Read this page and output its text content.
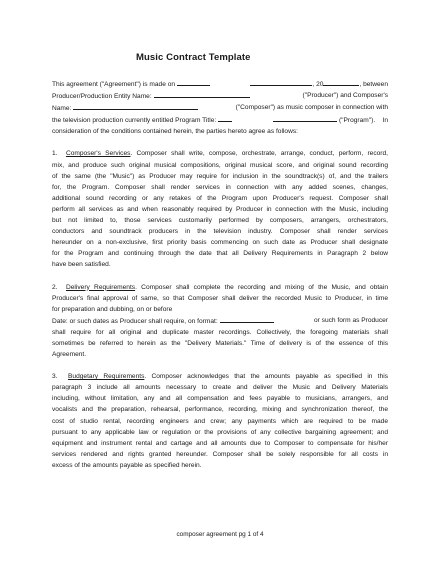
Music Contract Template

This agreement ("Agreement") is made on	, 20	, between
Producer/Production Entity Name:	("Producer") and Composer's
Name:	("Composer") as music composer in connection with
the television production currently entitled Program Title:	("Program"). In
consideration of the conditions contained herein, the parties hereto agree as follows:

1. Composer's Services. Composer shall write, compose, orchestrate, arrange, conduct, perform, record,
mix, and produce such original musical compositions, original musical score, and original sound recording
of the same (the "Music") as Producer may require for inclusion in the soundtrack(s) of, and the trailers
for, the Program. Composer shall render services in connection with any added scenes, changes,
additional sound recording or any retakes of the Program upon Producer's request. Composer shall
perform all services as and when reasonably required by Producer in connection with the Music, including
but not limited to, those services customarily performed by composers, arrangers, orchestrators,
conductors and soundtrack producers in the television industry. Composer shall render services
hereunder on a non-exclusive, first priority basis commencing on such date as Producer shall designate
for the Program and continuing through the date that all Delivery Requirements in Paragraph 2 below
have been satisfied.

2. Delivery Requirements. Composer shall complete the recording and mixing of the Music, and obtain
Producer's final approval of same, so that Composer shall deliver the recorded Music to Producer, in time
for preparation and dubbing, on or before
Date: or such dates as Producer shall require, on format:	or such form as Producer
shall require for all original and duplicate master recordings. Collectively, the foregoing materials shall
sometimes be referred to herein as the "Delivery Materials." Time of delivery is of the essence of this
Agreement.

3. Budgetary Requirements. Composer acknowledges that the amounts payable as specified in this
paragraph 3 include all amounts necessary to create and deliver the Music and Delivery Materials
including, without limitation, any and all compensation and fees payable to musicians, arrangers, and
vocalists and the preparation, rehearsal, performance, recording, mixing and synchronization thereof, the
cost of studio rental, recording engineers and crew; any payments which are required to be made
pursuant to any applicable law or regulation or the provisions of any collective bargaining agreement; and
equipment and instrument rental and cartage and all amounts due to Composer to compensate for his/her
services rendered and rights granted hereunder. Composer shall be solely responsible for all costs in
excess of the amounts payable as specified herein.

composer agreement pg 1 of 4
